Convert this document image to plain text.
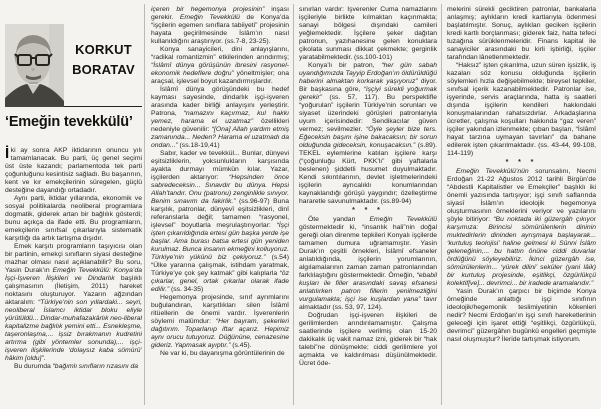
KORKUT
BORATAV
‘Emeğin tevekkülü’

İki ay sonra AKP iktidarının onuncu yılı tamamlanacak. Bu parti, üç genel seçimi üst üste kazandı; parlamentoda tek parti çoğunluğunu kesintisiz sağladı. Bu başarının, kent ve kır emekçilerinin süregelen, güçlü desteğine dayandığı ortadadır.

Aynı parti, iktidar yıllarında, ekonomik ve sosyal politikalarda neoliberal programlara dogmatik, giderek artan bir bağlılık gösterdi; bunu açıkça da ifade etti. Bu programların, emekçilerin sınıfsal çıkarlarıyla sistematik karşıtlığı da artık tartışma dışıdır.

Emek karşıtı programların taşıyıcısı olan bir partinin, emekçi sınıfların siyasi desteğine mazhar olması nasıl açıklanabilir? Bu soru, Yasin Durak’ın Emeğin Tevekkülü: Konya’da İşçi-İşveren İlişkileri ve Dindarlık başlıklı çalışmasının (İletişim, 2011) hareket noktasını oluşturuyor. Yazarın ağzından aktaralım: “Türkiye’nin son yıllardaki... seyri, neoliberal İslamcı iktidar bloku eliyle yürütüldü... Dindar-muhafazakârlık neo-liberal kapitalizme bağlılık yemini etti... Esnekleşme, taşeronlaşma,... işsiz bırakmanın kudretini artırma (gibi yöntemler sonunda),... işçi-işveren ilişkilerinde ‘dolaysız kaba sömürü’ hâkim [oldu]”.

Bu durumda “bağımlı sınıfların rızasını da

içeren bir hegemonya projesinin” inşası gerekir. Emeğin Tevekkülü de Konya’da “işçilerin egemen sınıflara tabiiyeti” projesinin hayata geçirilmesinde İslâm’ın nasıl kullanıldığını araştırıyor. (ss.7-8, 23-25).

Konya sanayicileri, dini anlayışlarını, “radikal romantizmin” etkilerinden arındırmış; “İslâmî dünya görüşünün ibresini rasyonel-ekonomik hedeflere doğru” yöneltmişler; ona araçsal, işlevsel boyut kazandırmışlardır.

İslâmî dünya görüşündeki bu hedef kayması sayesinde, dindarlık işçi-işveren arasında kader birliği anlayışını yerleştirir. Patrona, “namazını kaçırmaz, kul hakkı yemez, harama el uzatmaz” özellikleri nedeniyle güvenilir: “[Ona] Allah yardım etmiş zamanında... Neden? Harama el uzatmadı da ondan...” (ss.18-19,41)

Sabır, kader ve tevekkül... Bunlar, dünyevi eşitsizliklerin, yoksunlukların karşısında ayakta durmayı mümkün kılar. Yazar, işçilerden aktarıyor: “Hepsinden önce sabredeceksin... Sınavdır bu dünya. Hepsi Allah’tandır. Onu (patronu) zenginlikle sınıyor. Benim sınavım da fakirlik.” (ss.96-97) Buna karşılık, patronlar, dünyevî eşitsizlikleri, dinî referanslarla değil; tamamen “rasyonel, işlevsel” boyutlarla meşrulaştırıyorlar: “İşçi işten çıkarıldığında ertesi gün başka yerde işe başlar. Ama burası batsa ertesi gün yeniden kurulmaz. Bunca insanın ekmeğini kolluyoruz. Türkiye’nin yükünü biz çekiyoruz.” (s.54) “Ülke yararına çalışmak, istihdam yaratmak, Türkiye’ye çok şey katmak” gibi kalıplarla “öz çıkarlar, genel, ortak çıkarlar olarak ifade edilir.” (ss. 34-35)

Hegemonya projesinde, sınıf ayrımlarını buğulandıran, karşıtlıkları silen İslâmî ritüellerin de önemi vardır. İşverenlerin söylemi malûmdur: “Her bayram, şekerleri dağıtırım. Toparlanıp iftar açarız. Hepimiz aynı orucu tutuyoruz. Düğününe, cenazesine gideriz. Yapmasak ayıptır.” (s.45).

Ne var ki, bu dayanışma görüntülerinin de

sınırları vardır: İşverenler Cuma namazlarını işçileriyle birlikte kılmaktan kaçınmakta; sanayi bölgesi dışındaki camileri yeğlemektedir. İşçilere şeker dağıtan patronun, yazıhanesine gelen konuklara çikolata sunması dikkat çekmekte; gerginlik yaratabilmektedir. (ss.100-101)

Konya’lı bir patron, “her gün sabah uyandığımızda Tayyip Erdoğan’ın öldürüldüğü haberini almaktan korkarak yaşıyoruz” diyor. Bir başkasına göre, “işçiyi sürekli yoğurmak gerekir” (ss. 57, 117). Bu perspektifle “yoğurulan” işçilerin Türkiye’nin sorunları ve siyaset üzerindeki görüşleri patronlarıyla uyum içerisindedir: Sendikacılar güven vermez; sevilmezler. “Öyle şeyler bize ters. Eğeceksin başını işine bakacaksın; bir sorun olduğunda gideceksin, konuşacaksın.” (s.89). TEKEL eylemlerine katılan işçilere karşı (“çoğunluğu Kürt, PKK’lı” gibi yaftalarla beslenen) şiddetli husumet duyulmaktadır. Kendi sıkıntılarının, devlet işletmelerindeki işçilerin ayrıcalıklı konumlarından kaynaklandığı görüşü yaygındır; özelleştirme hararetle savunulmaktadır. (ss.89-94)

* * *

Öte yandan Emeğin Tevekkülü göstermektedir ki, “insanlık hali”nin doğal gereği olan direnme tepkileri Konyalı işçilerde tamamen dumura uğramamıştır. Yasin Durak’ın çeşitli örnekleri, İslâmî efsaneler anlatıldığında, işçilerin yorumlarının, algılamalarının zaman zaman patronlarından farklılaştığını göstermektedir. Örneğin, “ebabil kuşları ile filler arasındaki savaş efsanesi anlatılırken patron fillerin yenilmezliğini vurgulamakta; işçi ise kuşlardan yana” tavır almaktadır (ss. 53, 97, 124).

Doğrudan işçi-işveren ilişkileri de gerilimlerden arındırılamamıştır. Çalışma saatlerinde işçilere verilmiş olan 15-20 dakikalık üç vakit namaz izni, giderek bir “hak talebi”ne dönüşmekte; ciddi gerilimlere yol açmakta ve kaldırılması düşünülmektedir. Ücret öde-

melerini sürekli geciktiren patronlar, bankalarla anlaşmış; aylıkların kredi kartlarıyla ödenmesi başlatılmıştır. Sonuç, aylıkları geciken işçilerin kredi kartlı borçlanması; giderek faiz, hatta tefeci tuzağına sürüklenmeleridir. Finans kapital ile sanayiciler arasındaki bu kirli işbirliği, işçiler tarafından lânetlenmektedir.

“Haksız” işten çıkarılma, uzun süren işsizlik, iş kazaları söz konusu olduğunda işçilerin söylemleri hızla değişebilmekte; bireysel tepkiler, sınıfsal içerik kazanabilmektedir. Patronlar ise, işyerinde, servis araçlarında, hatta iş saatleri dışında işçilerin kendileri hakkındaki konuşmalarından rahatsızdırlar. Arkadaşlarına ücretler, çalışma koşulları hakkında “gaz veren” işçiler yakından izlenmekte; çıban başları, “İslâmî hayat tarzına uymayan tavırları” da bahane edilerek işten çıkarılmaktadır. (ss. 43-44, 99-108, 114-119)

* * *

Emeğin Tevekkülü’nün sorunsalını, Necmi Erdoğan 21-22 Ağustos 2012 tarihli Birgün’de “Abdestli Kapitalistler ve Emekçiler” başlıklı iki önemli yazısında tartışıyor; işçi sınıfı saflarında siyasî İslâm’ın ideolojik hegemonya oluşturmasının örneklerini veriyor ve yazılarını şöyle bitiriyor: “Bu noktada iki güzergâh çıkıyor karşımıza: Birincisi sömürülenlerin dininin muktedirlerin dininden ayrışmaya başlayarak... ‘kurtuluş teolojisi’ haline gelmesi ki Sünni İslâm geleneğinin,... bu hattın önüne ciddi duvarlar ördüğünü söyleyebiliriz. İkinci güzergâh ise, sömürülenlerin... ‘yürek dilini’ seküler (yani lâik) bir kurtuluş projesinde, eşitlikçi, özgürlükçü kolektif[ve]... devrimci... bir iradede aramalarıdır.”

Yasin Durak’ın çarpıcı bir biçimde Konya örneğinde anlattığı işçi sınıfının ideolojik/hegemonik teslimiyetinin kökenleri nedir? Necmi Erdoğan’ın işçi sınıfı hareketlerinin geleceği için işaret ettiği “eşitlikçi, özgürlükçü, devrimci” güzergâhın bugünkü engelleri geçmişte nasıl oluşmuştur? İleride tartışmak istiyorum.
